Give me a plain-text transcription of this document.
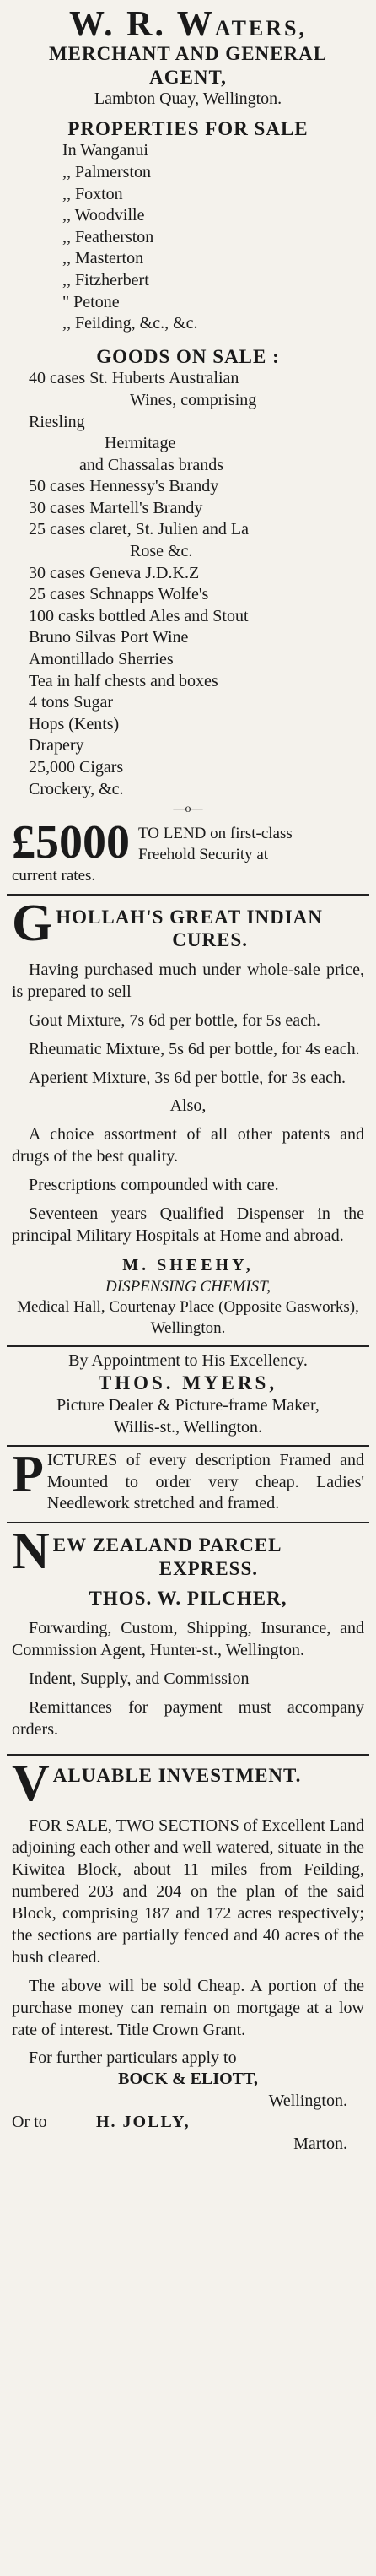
W. R. WATERS,
MERCHANT AND GENERAL
AGENT,
Lambton Quay, Wellington.
PROPERTIES FOR SALE
In Wanganui
,, Palmerston
,, Foxton
,, Woodville
,, Featherston
,, Masterton
,, Fitzherbert
" Petone
,, Feilding, &c., &c.
GOODS ON SALE :
40 cases St. Huberts Australian
Wines, comprising
Riesling
Hermitage
and Chassalas brands
50 cases Hennessy's Brandy
30 cases Martell's Brandy
25 cases claret, St. Julien and La
Rose &c.
30 cases Geneva J.D.K.Z
25 cases Schnapps Wolfe's
100 casks bottled Ales and Stout
Bruno Silvas Port Wine
Amontillado Sherries
Tea in half chests and boxes
4 tons Sugar
Hops (Kents)
Drapery
25,000 Cigars
Crockery, &c.
—o—
£5000 TO LEND on first-class
Freehold Security at
current rates.
G HOLLAH'S GREAT INDIAN
CURES.
Having purchased much under whole-sale price, is prepared to sell—
Gout Mixture, 7s 6d per bottle, for 5s each.
Rheumatic Mixture, 5s 6d per bottle, for 4s each.
Aperient Mixture, 3s 6d per bottle, for 3s each.
Also,
A choice assortment of all other patents and drugs of the best quality.
Prescriptions compounded with care.
Seventeen years Qualified Dispenser in the principal Military Hospitals at Home and abroad.
M. SHEEHY,
DISPENSING CHEMIST,
Medical Hall, Courtenay Place (Opposite Gasworks), Wellington.
By Appointment to His Excellency.
THOS. MYERS,
Picture Dealer & Picture-frame Maker,
Willis-st., Wellington.
P ICTURES of every description Framed and Mounted to order very cheap. Ladies' Needlework stretched and framed.
N EW ZEALAND PARCEL
EXPRESS.
THOS. W. PILCHER,
Forwarding, Custom, Shipping, Insurance, and Commission Agent, Hunter-st., Wellington.
Indent, Supply, and Commission
Remittances for payment must accompany orders.
V ALUABLE INVESTMENT.
FOR SALE, TWO SECTIONS of Excellent Land adjoining each other and well watered, situate in the Kiwitea Block, about 11 miles from Feilding, numbered 203 and 204 on the plan of the said Block, comprising 187 and 172 acres respectively; the sections are partially fenced and 40 acres of the bush cleared.
The above will be sold Cheap. A portion of the purchase money can remain on mortgage at a low rate of interest. Title Crown Grant.
For further particulars apply to
BOCK & ELIOTT,
Wellington.
Or to	H. JOLLY,
Marton.
